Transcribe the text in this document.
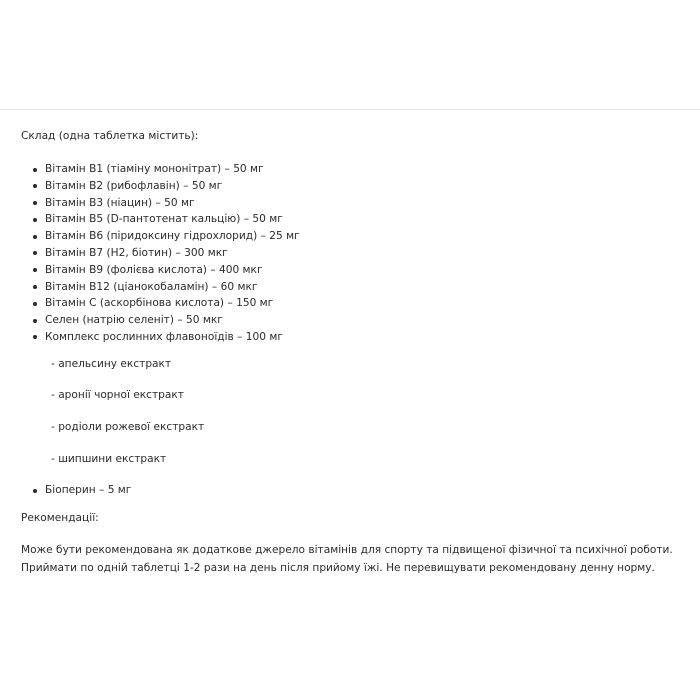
Склад (одна таблетка містить):

Вітамін В1 (тіаміну мононітрат) – 50 мг
Вітамін В2 (рибофлавін) – 50 мг
Вітамін В3 (ніацин) – 50 мг
Вітамін В5 (D-пантотенат кальцію) – 50 мг
Вітамін В6 (піридоксину гідрохлорид) – 25 мг
Вітамін В7 (Н2, біотин) – 300 мкг
Вітамін В9 (фолієва кислота) – 400 мкг
Вітамін В12 (ціанокобаламін) – 60 мкг
Вітамін С (аскорбінова кислота) – 150 мг
Селен (натрію селеніт) – 50 мкг
Комплекс рослинних флавоноїдів – 100 мг
- апельсину екстракт
- аронії чорної екстракт
- родіоли рожевої екстракт
- шипшини екстракт
Біоперин – 5 мг

Рекомендації:

Може бути рекомендована як додаткове джерело вітамінів для спорту та підвищеної фізичної та психічної роботи. Приймати по одній таблетці 1-2 рази на день після прийому їжі. Не перевищувати рекомендовану денну норму.
